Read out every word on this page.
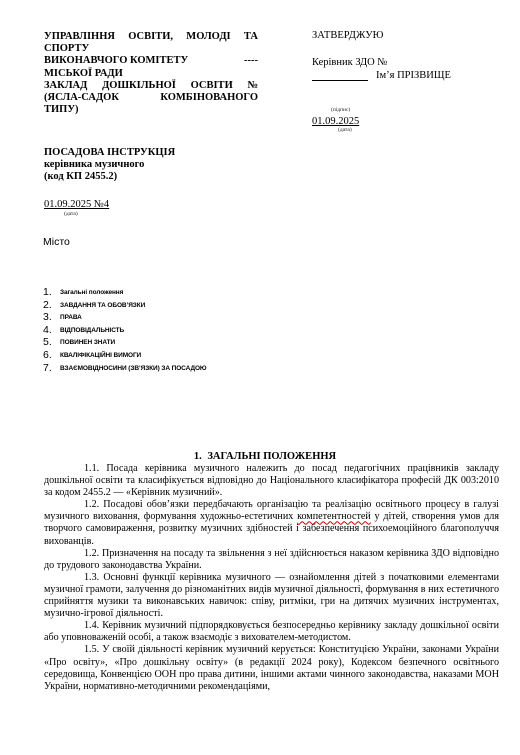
УПРАВЛІННЯ ОСВІТИ, МОЛОДІ ТА
СПОРТУ
ВИКОНАВЧОГО КОМІТЕТУ	----
МІСЬКОЇ РАДИ
ЗАКЛАД ДОШКІЛЬНОЇ ОСВІТИ №
(ЯСЛА-САДОК	КОМБІНОВАНОГО
ТИПУ)
ЗАТВЕРДЖУЮ
Керівник ЗДО №
Ім’я ПРІЗВИЩЕ
(підпис)
01.09.2025
(дата)
ПОСАДОВА ІНСТРУКЦІЯ
керівника музичного
(код КП 2455.2)
01.09.2025 №4
(дата)
Місто
1. Загальні положення
2. ЗАВДАННЯ ТА ОБОВ’ЯЗКИ
3. ПРАВА
4. ВІДПОВІДАЛЬНІСТЬ
5. ПОВИНЕН ЗНАТИ
6. КВАЛІФІКАЦІЙНІ ВИМОГИ
7. ВЗАЄМОВІДНОСИНИ (ЗВ’ЯЗКИ) ЗА ПОСАДОЮ
1. ЗАГАЛЬНІ ПОЛОЖЕННЯ

1.1. Посада керівника музичного належить до посад педагогічних працівників закладу дошкільної освіти та класифікується відповідно до Національного класифікатора професій ДК 003:2010 за кодом 2455.2 — «Керівник музичний».

1.2. Посадові обов’язки передбачають організацію та реалізацію освітнього процесу в галузі музичного виховання, формування художньо-естетичних компетентностей у дітей, створення умов для творчого самовираження, розвитку музичних здібностей і забезпечення психоемоційного благополуччя вихованців.

1.2. Призначення на посаду та звільнення з неї здійснюється наказом керівника ЗДО відповідно до трудового законодавства України.

1.3. Основні функції керівника музичного — ознайомлення дітей з початковими елементами музичної грамоти, залучення до різноманітних видів музичної діяльності, формування в них естетичного сприйняття музики та виконавських навичок: співу, ритміки, гри на дитячих музичних інструментах, музично-ігрової діяльності.

1.4. Керівник музичний підпорядковується безпосередньо керівнику закладу дошкільної освіти або уповноваженій особі, а також взаємодіє з вихователем-методистом.

1.5. У своїй діяльності керівник музичний керується: Конституцією України, законами України «Про освіту», «Про дошкільну освіту» (в редакції 2024 року), Кодексом безпечного освітнього середовища, Конвенцією ООН про права дитини, іншими актами чинного законодавства, наказами МОН України, нормативно-методичними рекомендаціями,
